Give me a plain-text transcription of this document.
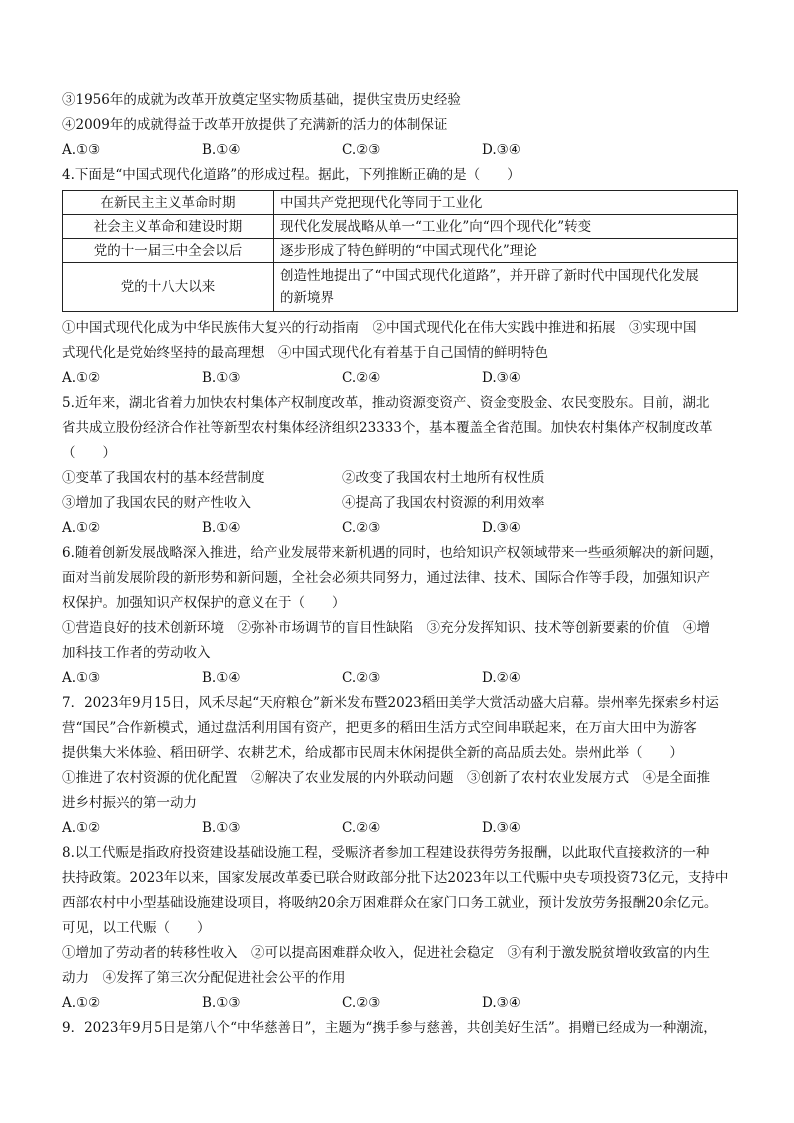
③1956年的成就为改革开放奠定坚实物质基础，提供宝贵历史经验
④2009年的成就得益于改革开放提供了充满新的活力的体制保证
A.①③	B.①④	C.②③	D.③④
4.下面是“中国式现代化道路”的形成过程。据此，下列推断正确的是（　　）
在新民主主义革命时期	中国共产党把现代化等同于工业化
社会主义革命和建设时期	现代化发展战略从单一“工业化”向“四个现代化”转变
党的十一届三中全会以后	逐步形成了特色鲜明的“中国式现代化”理论
党的十八大以来	创造性地提出了“中国式现代化道路”，并开辟了新时代中国现代化发展
的新境界
①中国式现代化成为中华民族伟大复兴的行动指南　②中国式现代化在伟大实践中推进和拓展　③实现中国
式现代化是党始终坚持的最高理想　④中国式现代化有着基于自己国情的鲜明特色
A.①②	B.①③	C.②④	D.③④
5.近年来，湖北省着力加快农村集体产权制度改革，推动资源变资产、资金变股金、农民变股东。目前，湖北
省共成立股份经济合作社等新型农村集体经济组织23333个，基本覆盖全省范围。加快农村集体产权制度改革
（　　）
①变革了我国农村的基本经营制度	②改变了我国农村土地所有权性质
③增加了我国农民的财产性收入	④提高了我国农村资源的利用效率
A.①②	B.①④	C.②③	D.③④
6.随着创新发展战略深入推进，给产业发展带来新机遇的同时，也给知识产权领域带来一些亟须解决的新问题，
面对当前发展阶段的新形势和新问题，全社会必须共同努力，通过法律、技术、国际合作等手段，加强知识产
权保护。加强知识产权保护的意义在于（　　）
①营造良好的技术创新环境　②弥补市场调节的盲目性缺陷　③充分发挥知识、技术等创新要素的价值　④增
加科技工作者的劳动收入
A.①③	B.①④	C.②③	D.②④
7．2023年9月15日，风禾尽起“天府粮仓”新米发布暨2023稻田美学大赏活动盛大启幕。崇州率先探索乡村运
营“国民”合作新模式，通过盘活利用国有资产，把更多的稻田生活方式空间串联起来，在万亩大田中为游客
提供集大米体验、稻田研学、农耕艺术，给成都市民周末休闲提供全新的高品质去处。崇州此举（　　）
①推进了农村资源的优化配置　②解决了农业发展的内外联动问题　③创新了农村农业发展方式　④是全面推
进乡村振兴的第一动力
A.①②	B.①③	C.②④	D.③④
8.以工代赈是指政府投资建设基础设施工程，受赈济者参加工程建设获得劳务报酬，以此取代直接救济的一种
扶持政策。2023年以来，国家发展改革委已联合财政部分批下达2023年以工代赈中央专项投资73亿元，支持中
西部农村中小型基础设施建设项目，将吸纳20余万困难群众在家门口务工就业，预计发放劳务报酬20余亿元。
可见，以工代赈（　　）
①增加了劳动者的转移性收入　②可以提高困难群众收入，促进社会稳定　③有利于激发脱贫增收致富的内生
动力　④发挥了第三次分配促进社会公平的作用
A.①②	B.①③	C.②③	D.③④
9．2023年9月5日是第八个“中华慈善日”，主题为“携手参与慈善，共创美好生活”。捐赠已经成为一种潮流，
